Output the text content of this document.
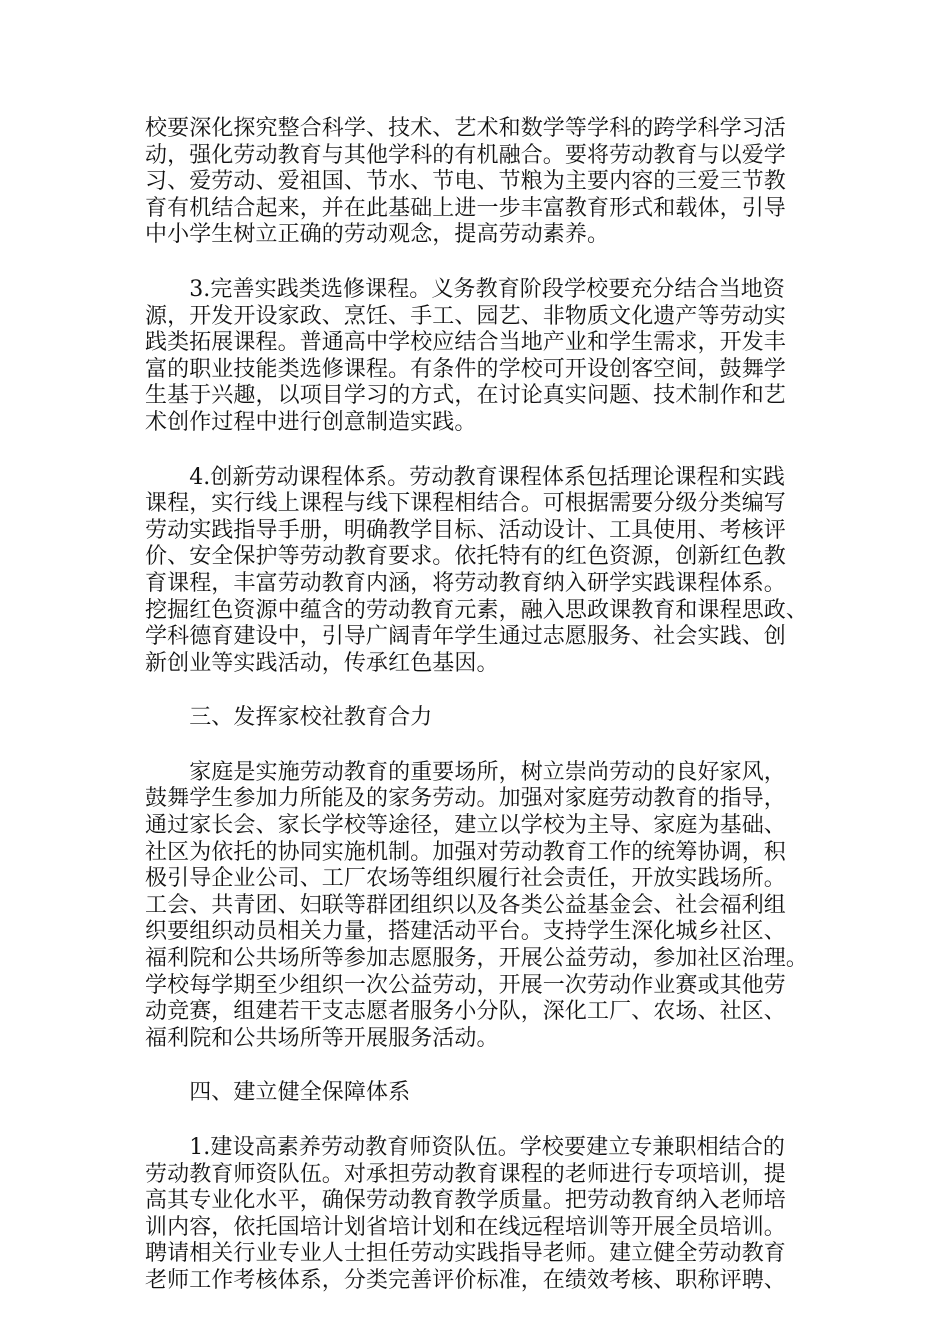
校要深化探究整合科学、技术、艺术和数学等学科的跨学科学习活
动，强化劳动教育与其他学科的有机融合。要将劳动教育与以爱学
习、爱劳动、爱祖国、节水、节电、节粮为主要内容的三爱三节教
育有机结合起来，并在此基础上进一步丰富教育形式和载体，引导
中小学生树立正确的劳动观念，提高劳动素养。
　　3.完善实践类选修课程。义务教育阶段学校要充分结合当地资
源，开发开设家政、烹饪、手工、园艺、非物质文化遗产等劳动实
践类拓展课程。普通高中学校应结合当地产业和学生需求，开发丰
富的职业技能类选修课程。有条件的学校可开设创客空间，鼓舞学
生基于兴趣，以项目学习的方式，在讨论真实问题、技术制作和艺
术创作过程中进行创意制造实践。
　　4.创新劳动课程体系。劳动教育课程体系包括理论课程和实践
课程，实行线上课程与线下课程相结合。可根据需要分级分类编写
劳动实践指导手册，明确教学目标、活动设计、工具使用、考核评
价、安全保护等劳动教育要求。依托特有的红色资源，创新红色教
育课程，丰富劳动教育内涵，将劳动教育纳入研学实践课程体系。
挖掘红色资源中蕴含的劳动教育元素，融入思政课教育和课程思政、
学科德育建设中，引导广阔青年学生通过志愿服务、社会实践、创
新创业等实践活动，传承红色基因。
　　三、发挥家校社教育合力
　　家庭是实施劳动教育的重要场所，树立崇尚劳动的良好家风，
鼓舞学生参加力所能及的家务劳动。加强对家庭劳动教育的指导，
通过家长会、家长学校等途径，建立以学校为主导、家庭为基础、
社区为依托的协同实施机制。加强对劳动教育工作的统筹协调，积
极引导企业公司、工厂农场等组织履行社会责任，开放实践场所。
工会、共青团、妇联等群团组织以及各类公益基金会、社会福利组
织要组织动员相关力量，搭建活动平台。支持学生深化城乡社区、
福利院和公共场所等参加志愿服务，开展公益劳动，参加社区治理。
学校每学期至少组织一次公益劳动，开展一次劳动作业赛或其他劳
动竞赛，组建若干支志愿者服务小分队，深化工厂、农场、社区、
福利院和公共场所等开展服务活动。
　　四、建立健全保障体系
　　1.建设高素养劳动教育师资队伍。学校要建立专兼职相结合的
劳动教育师资队伍。对承担劳动教育课程的老师进行专项培训，提
高其专业化水平，确保劳动教育教学质量。把劳动教育纳入老师培
训内容，依托国培计划省培计划和在线远程培训等开展全员培训。
聘请相关行业专业人士担任劳动实践指导老师。建立健全劳动教育
老师工作考核体系，分类完善评价标准，在绩效考核、职称评聘、
